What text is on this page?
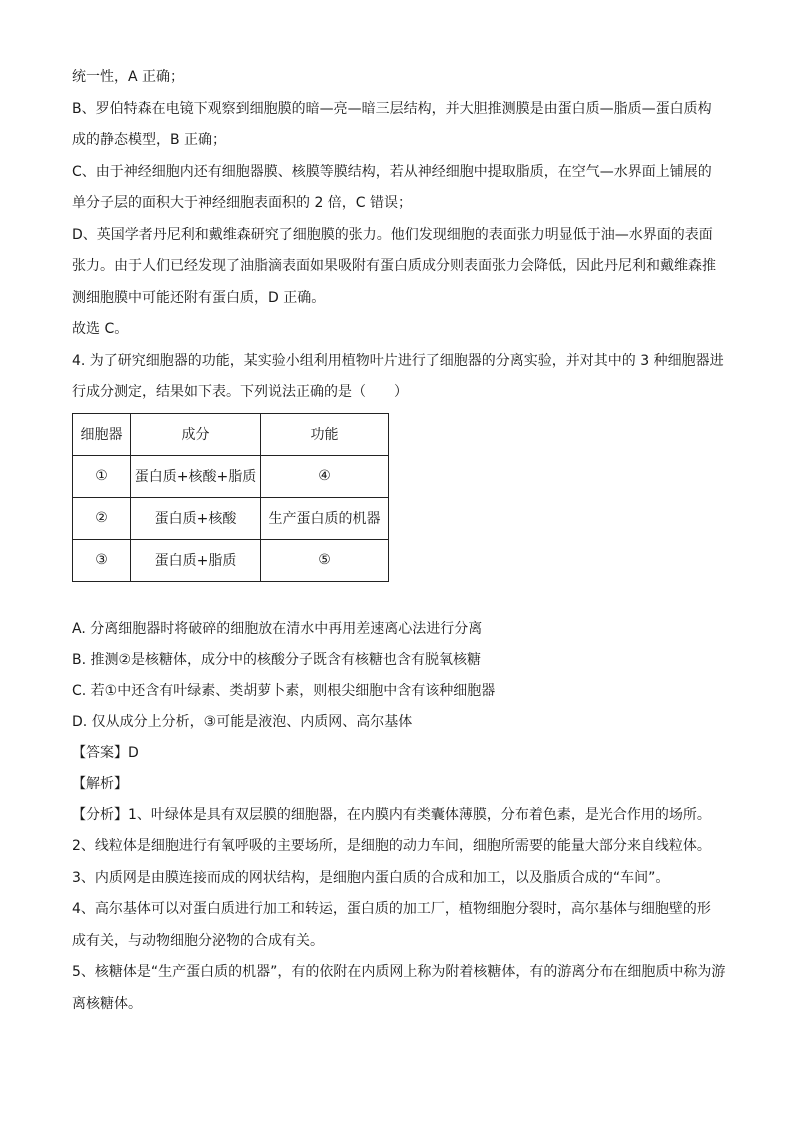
统一性，A 正确；
B、罗伯特森在电镜下观察到细胞膜的暗—亮—暗三层结构，并大胆推测膜是由蛋白质—脂质—蛋白质构
成的静态模型，B 正确；
C、由于神经细胞内还有细胞器膜、核膜等膜结构，若从神经细胞中提取脂质，在空气—水界面上铺展的
单分子层的面积大于神经细胞表面积的 2 倍，C 错误；
D、英国学者丹尼利和戴维森研究了细胞膜的张力。他们发现细胞的表面张力明显低于油—水界面的表面
张力。由于人们已经发现了油脂滴表面如果吸附有蛋白质成分则表面张力会降低，因此丹尼利和戴维森推
测细胞膜中可能还附有蛋白质，D 正确。
故选 C。
4. 为了研究细胞器的功能，某实验小组利用植物叶片进行了细胞器的分离实验，并对其中的 3 种细胞器进
行成分测定，结果如下表。下列说法正确的是（　　）
细胞器	成分	功能
①	蛋白质+核酸+脂质	④
②	蛋白质+核酸	生产蛋白质的机器
③	蛋白质+脂质	⑤
A. 分离细胞器时将破碎的细胞放在清水中再用差速离心法进行分离
B. 推测②是核糖体，成分中的核酸分子既含有核糖也含有脱氧核糖
C. 若①中还含有叶绿素、类胡萝卜素，则根尖细胞中含有该种细胞器
D. 仅从成分上分析，③可能是液泡、内质网、高尔基体
【答案】D
【解析】
【分析】1、叶绿体是具有双层膜的细胞器，在内膜内有类囊体薄膜，分布着色素，是光合作用的场所。
2、线粒体是细胞进行有氧呼吸的主要场所，是细胞的动力车间，细胞所需要的能量大部分来自线粒体。
3、内质网是由膜连接而成的网状结构，是细胞内蛋白质的合成和加工，以及脂质合成的“车间”。
4、高尔基体可以对蛋白质进行加工和转运，蛋白质的加工厂，植物细胞分裂时，高尔基体与细胞壁的形
成有关，与动物细胞分泌物的合成有关。
5、核糖体是“生产蛋白质的机器”，有的依附在内质网上称为附着核糖体，有的游离分布在细胞质中称为游
离核糖体。
